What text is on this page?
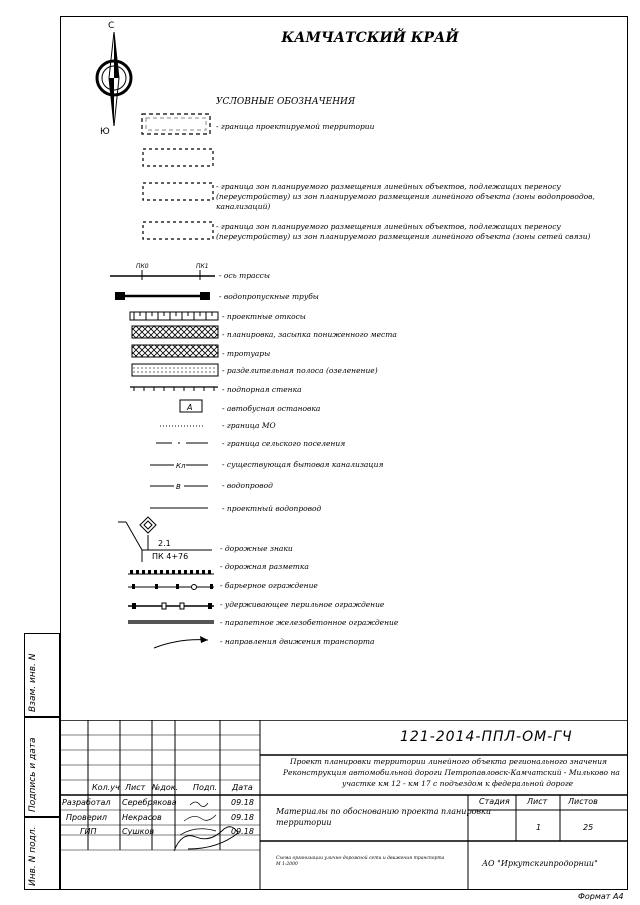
С
Ю
КАМЧАТСКИЙ КРАЙ
УСЛОВНЫЕ ОБОЗНАЧЕНИЯ
ПК0	ПК1
А
Кл
В
2.1
ПК 4+76
- граница проектируемой территории
- граница зон планируемого размещения линейных объектов, подлежащих переносу
(переустройству) из зон планируемого размещения линейного объекта (зоны водопроводов,
канализаций)
- граница зон планируемого размещения линейных объектов, подлежащих переносу
(переустройству) из зон планируемого размещения линейного объекта (зоны сетей связи)
- ось трассы
- водопропускные трубы
- проектные откосы
- планировка, засыпка пониженного места
- тротуары
- разделительная полоса (озеленение)
- подпорная стенка
- автобусная остановка
- граница МО
- граница сельского поселения
- существующая бытовая канализация
- водопровод
- проектный водопровод
- дорожные знаки
- дорожная разметка
- барьерное ограждение
- удерживающее перильное ограждение
- парапетное железобетонное ограждение
- направления движения транспорта
Взам. инв. N
Подпись и дата
Инв. N подл.
121-2014-ППЛ-ОМ-ГЧ
Проект планировки территории линейного объекта регионального значения
Реконструкция автомобильной дороги Петропавловск-Камчатский - Мильково на
участке км 12 - км 17 с подъездом к федеральной дороге
Кол.уч Лист №док. Подп. Дата
Разработал Серебрякова	09.18
Проверил Некрасов	09.18
ГИП	Сушков	09.18
Материалы по обоснованию проекта планировки
территории
Стадия Лист	Листов
1	25
Схема организации улично-дорожной сети и движения транспорта
М 1:2000	АО "Иркутскгипродорнии"
Формат А4
